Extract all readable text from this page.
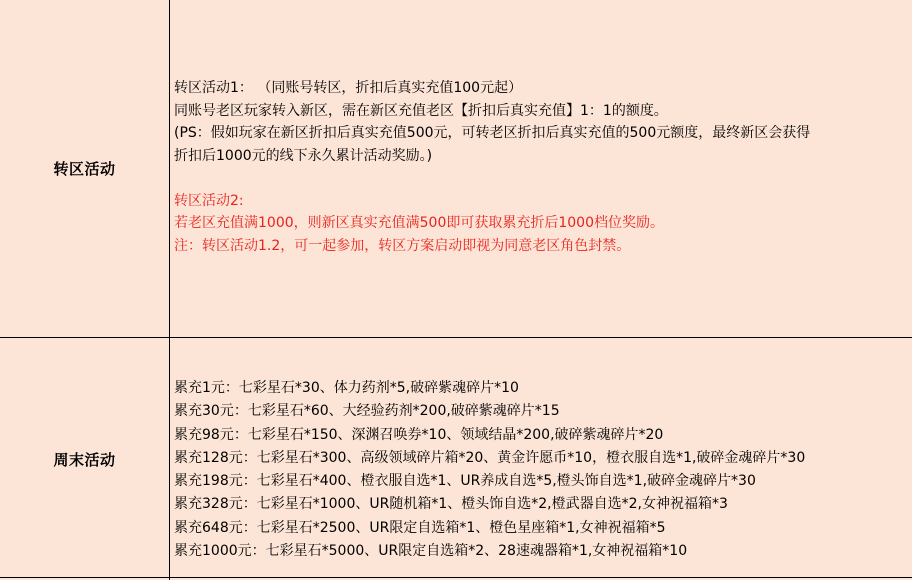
转区活动
转区活动1： （同账号转区，折扣后真实充值100元起）
同账号老区玩家转入新区，需在新区充值老区【折扣后真实充值】1：1的额度。
(PS：假如玩家在新区折扣后真实充值500元，可转老区折扣后真实充值的500元额度，最终新区会获得
折扣后1000元的线下永久累计活动奖励。)
转区活动2:
若老区充值满1000，则新区真实充值满500即可获取累充折后1000档位奖励。
注：转区活动1.2，可一起参加，转区方案启动即视为同意老区角色封禁。
周末活动
累充1元：七彩星石*30、体力药剂*5,破碎紫魂碎片*10
累充30元：七彩星石*60、大经验药剂*200,破碎紫魂碎片*15
累充98元：七彩星石*150、深渊召唤券*10、领域结晶*200,破碎紫魂碎片*20
累充128元：七彩星石*300、高级领域碎片箱*20、黄金许愿币*10，橙衣服自选*1,破碎金魂碎片*30
累充198元：七彩星石*400、橙衣服自选*1、UR养成自选*5,橙头饰自选*1,破碎金魂碎片*30
累充328元：七彩星石*1000、UR随机箱*1、橙头饰自选*2,橙武器自选*2,女神祝福箱*3
累充648元：七彩星石*2500、UR限定自选箱*1、橙色星座箱*1,女神祝福箱*5
累充1000元：七彩星石*5000、UR限定自选箱*2、28速魂器箱*1,女神祝福箱*10
